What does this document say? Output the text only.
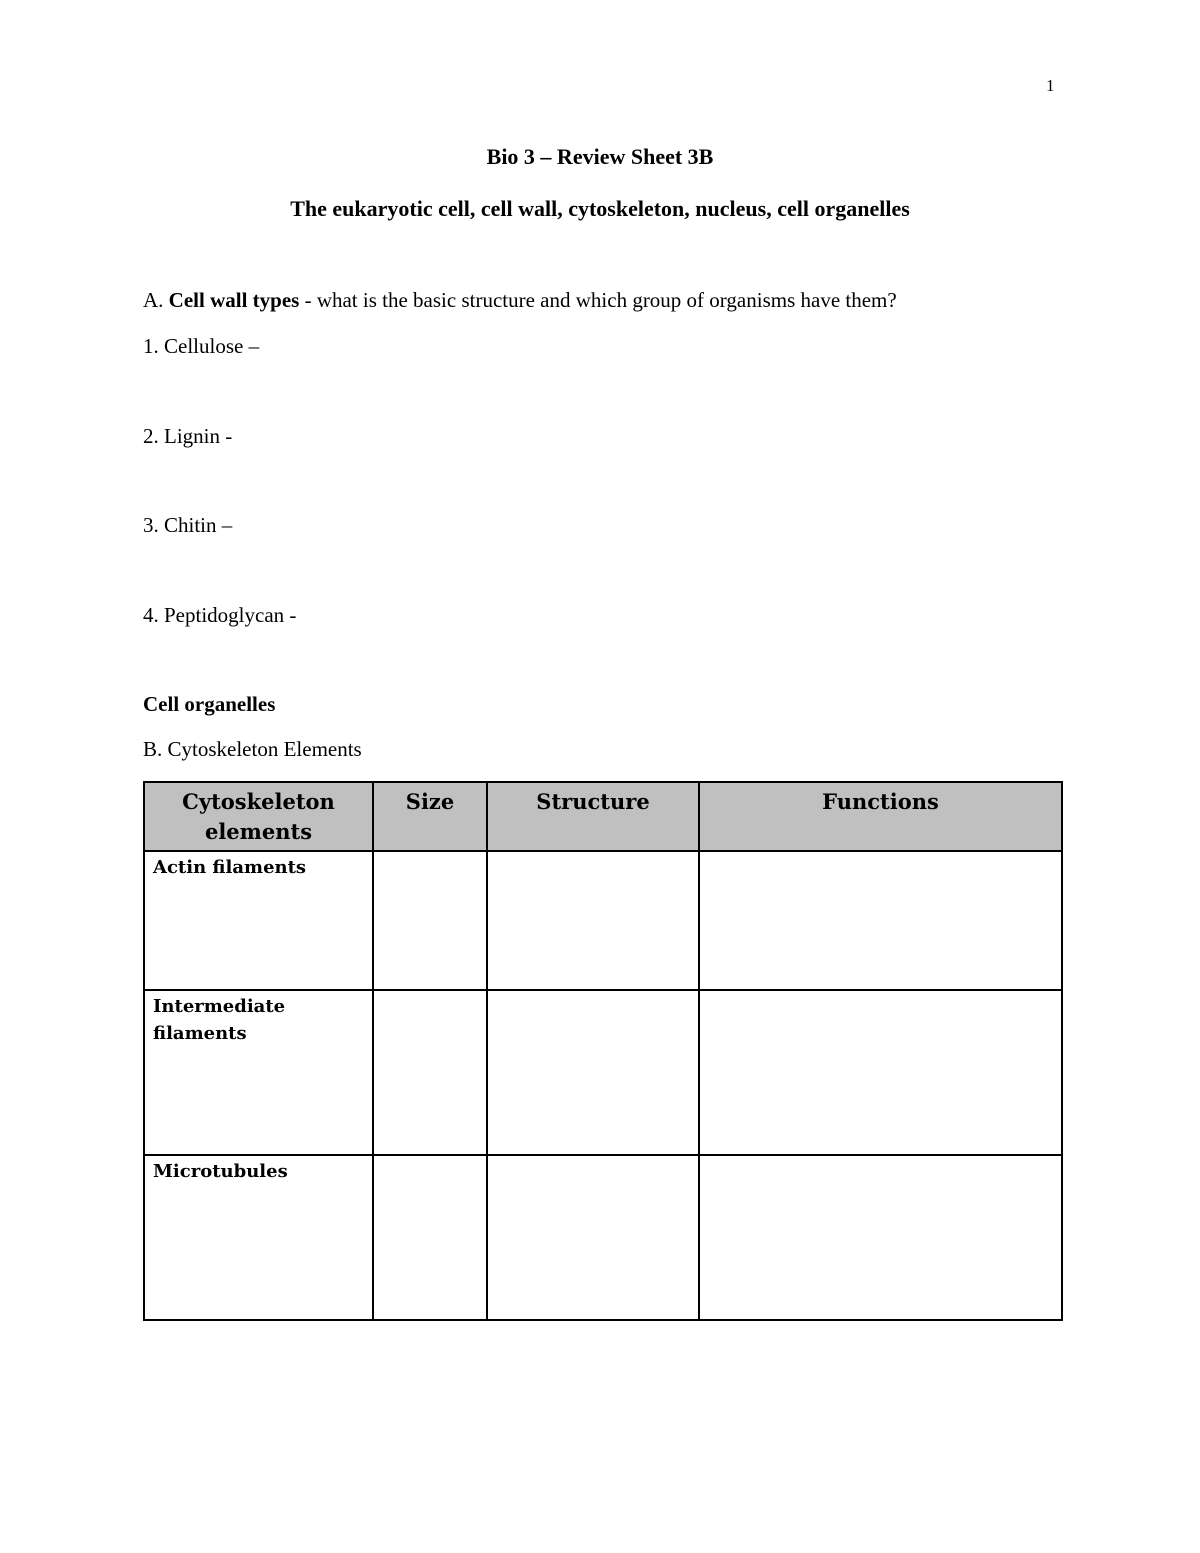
1
Bio 3 – Review Sheet 3B
The eukaryotic cell, cell wall, cytoskeleton, nucleus, cell organelles
A. Cell wall types - what is the basic structure and which group of organisms have them?
1. Cellulose –
2. Lignin -
3. Chitin –
4. Peptidoglycan -
Cell organelles
B. Cytoskeleton Elements
Cytoskeleton elements	Size	Structure	Functions
Actin filaments			
Intermediate filaments			
Microtubules			
